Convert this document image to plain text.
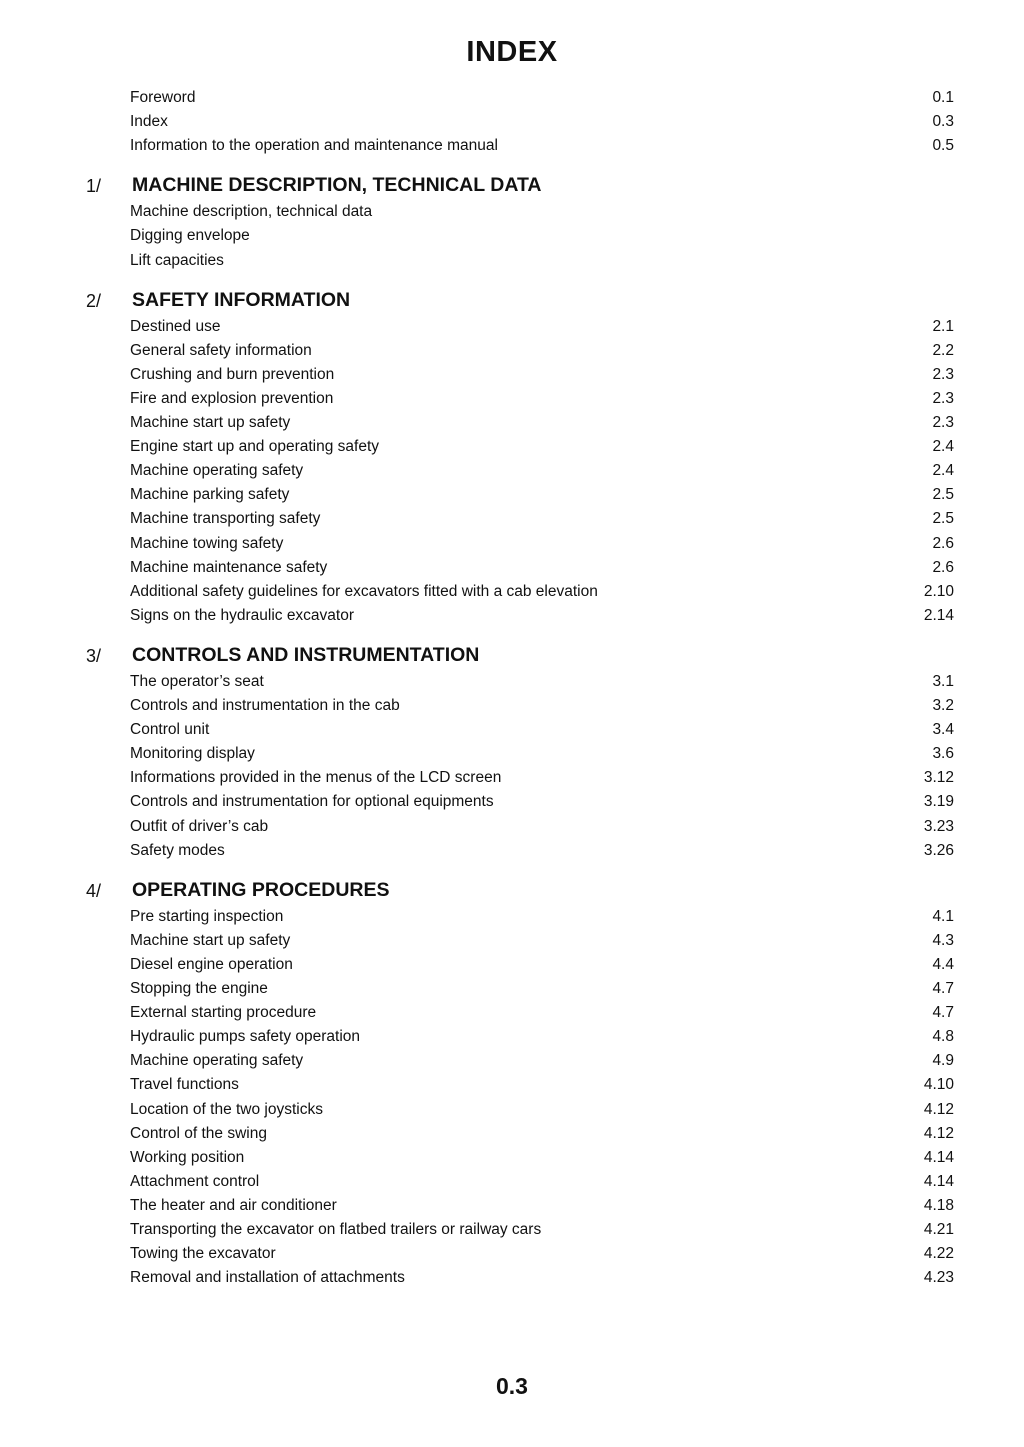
INDEX
Foreword	0.1
Index	0.3
Information to the operation and maintenance manual	0.5
1/	MACHINE DESCRIPTION, TECHNICAL DATA
Machine description, technical data
Digging envelope
Lift capacities
2/	SAFETY INFORMATION
Destined use	2.1
General safety information	2.2
Crushing and burn prevention	2.3
Fire and explosion prevention	2.3
Machine start up safety	2.3
Engine start up and operating safety	2.4
Machine operating safety	2.4
Machine parking safety	2.5
Machine transporting safety	2.5
Machine towing safety	2.6
Machine maintenance safety	2.6
Additional safety guidelines for excavators fitted with a cab elevation	2.10
Signs on the hydraulic excavator	2.14
3/	CONTROLS AND INSTRUMENTATION
The operator’s seat	3.1
Controls and instrumentation in the cab	3.2
Control unit	3.4
Monitoring display	3.6
Informations provided in the menus of the LCD screen	3.12
Controls and instrumentation for optional equipments	3.19
Outfit of driver’s cab	3.23
Safety modes	3.26
4/	OPERATING PROCEDURES
Pre starting inspection	4.1
Machine start up safety	4.3
Diesel engine operation	4.4
Stopping the engine	4.7
External starting procedure	4.7
Hydraulic pumps safety operation	4.8
Machine operating safety	4.9
Travel functions	4.10
Location of the two joysticks	4.12
Control of the swing	4.12
Working position	4.14
Attachment control	4.14
The heater and air conditioner	4.18
Transporting the excavator on flatbed trailers or railway cars	4.21
Towing the excavator	4.22
Removal and installation of attachments	4.23
0.3
